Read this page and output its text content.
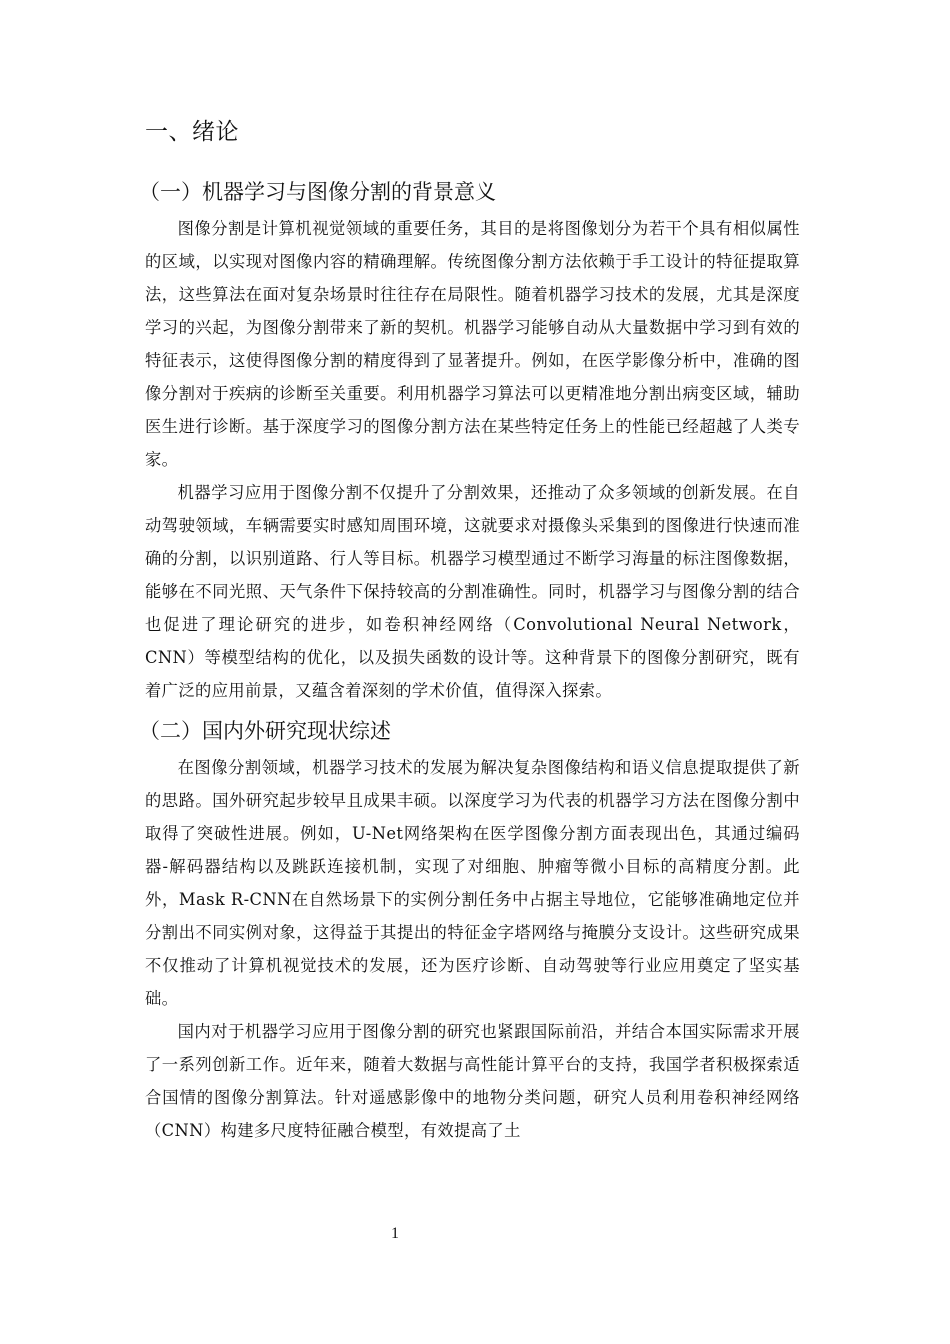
一、绪论
（一）机器学习与图像分割的背景意义

图像分割是计算机视觉领域的重要任务，其目的是将图像划分为若干个具有相似属性的区域，以实现对图像内容的精确理解。传统图像分割方法依赖于手工设计的特征提取算法，这些算法在面对复杂场景时往往存在局限性。随着机器学习技术的发展，尤其是深度学习的兴起，为图像分割带来了新的契机。机器学习能够自动从大量数据中学习到有效的特征表示，这使得图像分割的精度得到了显著提升。例如，在医学影像分析中，准确的图像分割对于疾病的诊断至关重要。利用机器学习算法可以更精准地分割出病变区域，辅助医生进行诊断。基于深度学习的图像分割方法在某些特定任务上的性能已经超越了人类专家。

机器学习应用于图像分割不仅提升了分割效果，还推动了众多领域的创新发展。在自动驾驶领域，车辆需要实时感知周围环境，这就要求对摄像头采集到的图像进行快速而准确的分割，以识别道路、行人等目标。机器学习模型通过不断学习海量的标注图像数据，能够在不同光照、天气条件下保持较高的分割准确性。同时，机器学习与图像分割的结合也促进了理论研究的进步，如卷积神经网络（Convolutional Neural Network，CNN）等模型结构的优化，以及损失函数的设计等。这种背景下的图像分割研究，既有着广泛的应用前景，又蕴含着深刻的学术价值，值得深入探索。

（二）国内外研究现状综述

在图像分割领域，机器学习技术的发展为解决复杂图像结构和语义信息提取提供了新的思路。国外研究起步较早且成果丰硕。以深度学习为代表的机器学习方法在图像分割中取得了突破性进展。例如，U-Net网络架构在医学图像分割方面表现出色，其通过编码器-解码器结构以及跳跃连接机制，实现了对细胞、肿瘤等微小目标的高精度分割。此外，Mask R-CNN在自然场景下的实例分割任务中占据主导地位，它能够准确地定位并分割出不同实例对象，这得益于其提出的特征金字塔网络与掩膜分支设计。这些研究成果不仅推动了计算机视觉技术的发展，还为医疗诊断、自动驾驶等行业应用奠定了坚实基础。

国内对于机器学习应用于图像分割的研究也紧跟国际前沿，并结合本国实际需求开展了一系列创新工作。近年来，随着大数据与高性能计算平台的支持，我国学者积极探索适合国情的图像分割算法。针对遥感影像中的地物分类问题，研究人员利用卷积神经网络（CNN）构建多尺度特征融合模型，有效提高了土

1
